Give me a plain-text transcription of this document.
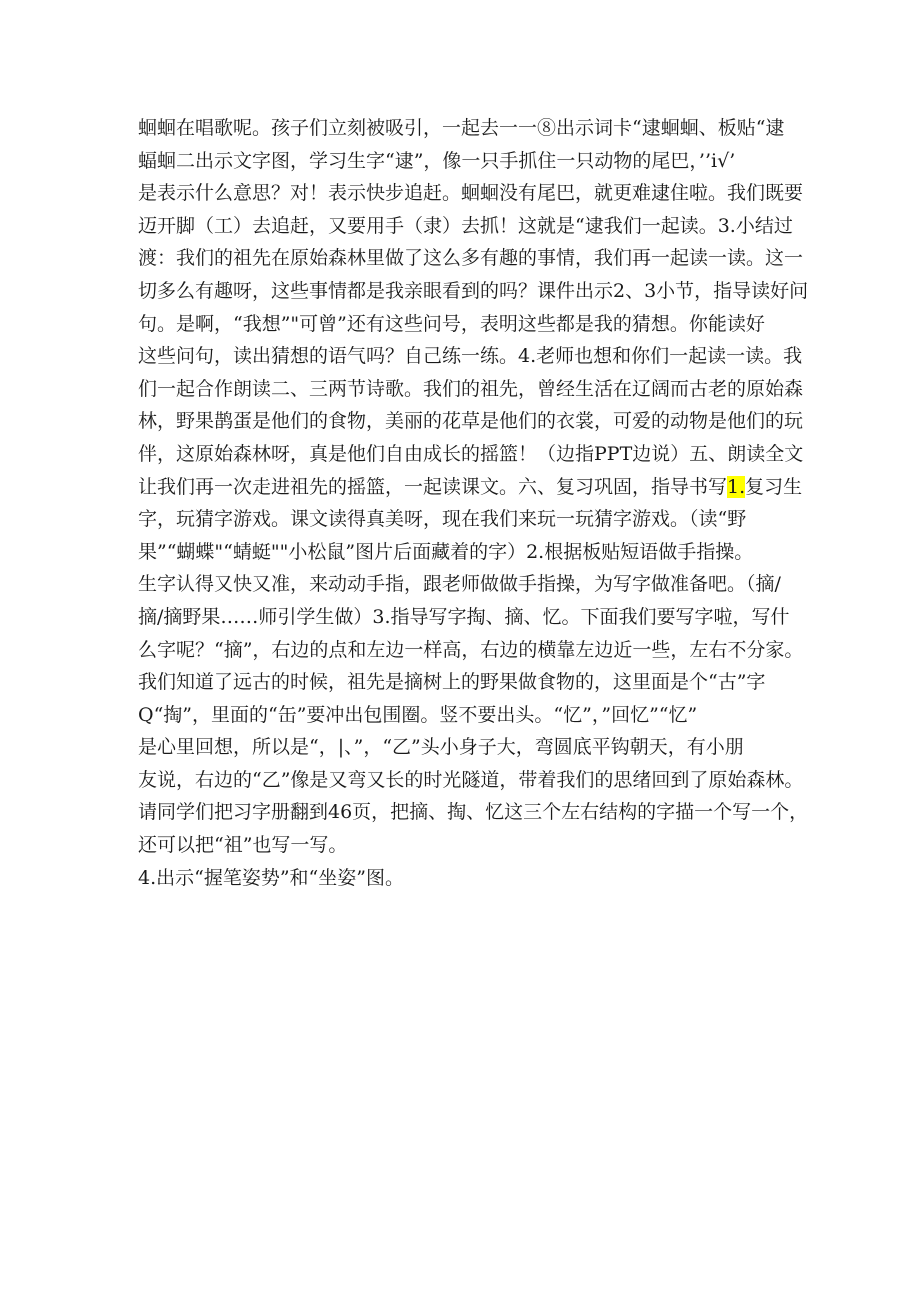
蛔蛔在唱歌呢。孩子们立刻被吸引，一起去一一⑧出示词卡“逮蛔蛔、板贴“逮
蝠蛔二出示文字图，学习生字“逮”，像一只手抓住一只动物的尾巴，’’ⅰ√’
是表示什么意思？对！表示快步追赶。蛔蛔没有尾巴，就更难逮住啦。我们既要
迈开脚（工）去追赶，又要用手（隶）去抓！这就是“逮我们一起读。3.小结过
渡：我们的祖先在原始森林里做了这么多有趣的事情，我们再一起读一读。这一
切多么有趣呀，这些事情都是我亲眼看到的吗？课件出示2、3小节，指导读好问
句。是啊，“我想”"可曾”还有这些问号，表明这些都是我的猜想。你能读好
这些问句，读出猜想的语气吗？自己练一练。4.老师也想和你们一起读一读。我
们一起合作朗读二、三两节诗歌。我们的祖先，曾经生活在辽阔而古老的原始森
林，野果鹊蛋是他们的食物，美丽的花草是他们的衣裳，可爱的动物是他们的玩
伴，这原始森林呀，真是他们自由成长的摇篮！（边指PPT边说）五、朗读全文
让我们再一次走进祖先的摇篮，一起读课文。六、复习巩固，指导书写1.复习生
字，玩猜字游戏。课文读得真美呀，现在我们来玩一玩猜字游戏。（读“野
果”“蝴蝶"“蜻蜓""小松鼠”图片后面藏着的字）2.根据板贴短语做手指操。
生字认得又快又准，来动动手指，跟老师做做手指操，为写字做准备吧。（摘/
摘/摘野果……师引学生做）3.指导写字掏、摘、忆。下面我们要写字啦，写什
么字呢？“摘”，右边的点和左边一样高，右边的横靠左边近一些，左右不分家。
我们知道了远古的时候，祖先是摘树上的野果做食物的，这里面是个“古”字
Q“掏”，里面的“缶”要冲出包围圈。竖不要出头。“忆”，”回忆”“忆”
是心里回想，所以是“，|、”，“乙”头小身子大，弯圆底平钩朝天，有小朋
友说，右边的“乙”像是又弯又长的时光隧道，带着我们的思绪回到了原始森林。
请同学们把习字册翻到46页，把摘、掏、忆这三个左右结构的字描一个写一个，
还可以把“祖”也写一写。
4.出示“握笔姿势”和“坐姿”图。
